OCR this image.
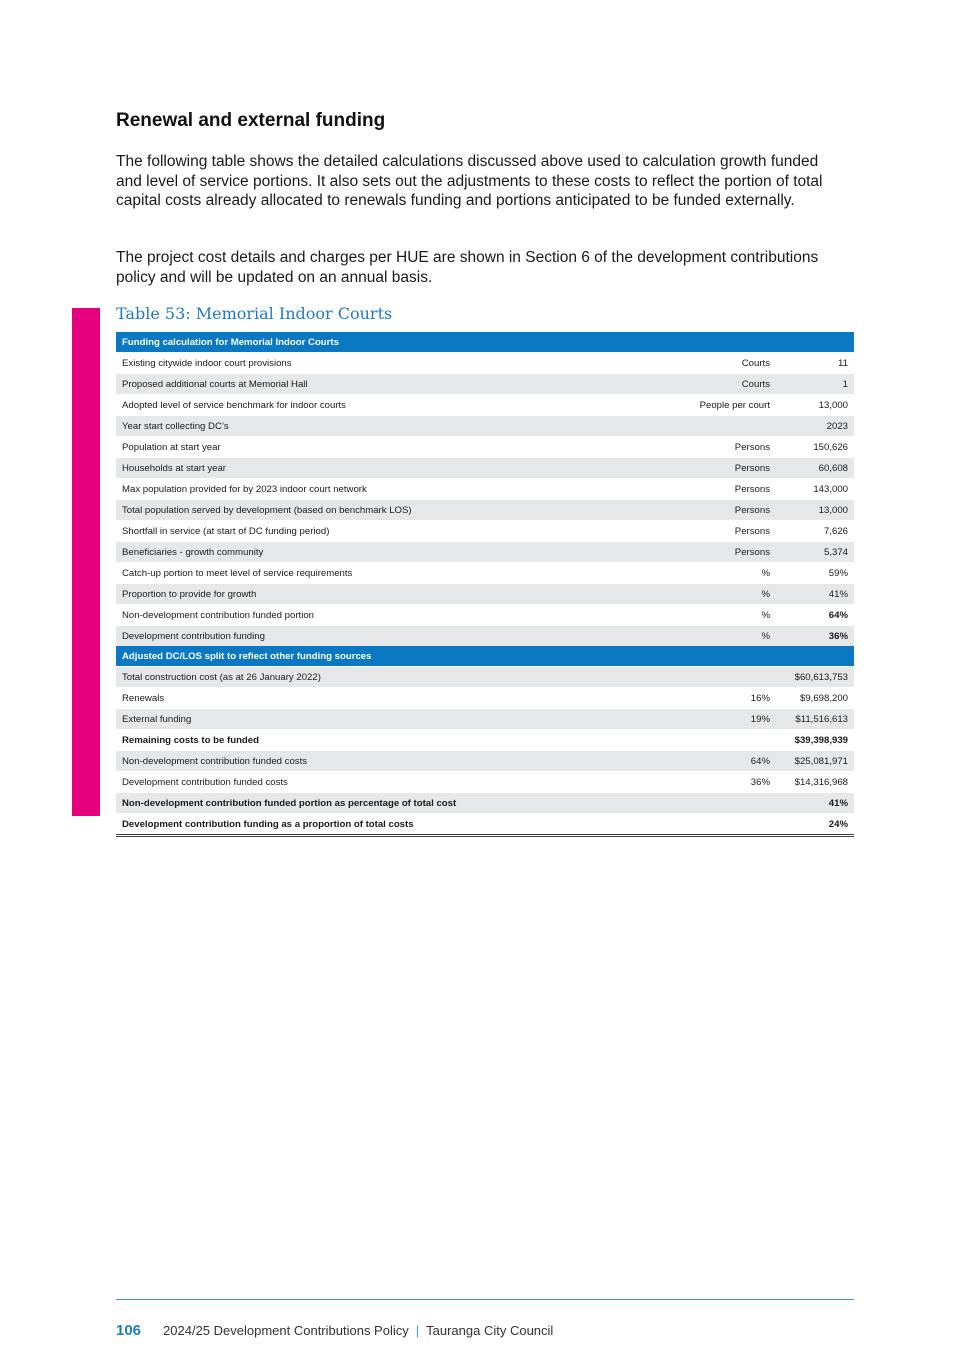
Renewal and external funding

The following table shows the detailed calculations discussed above used to calculation growth funded and level of service portions. It also sets out the adjustments to these costs to reflect the portion of total capital costs already allocated to renewals funding and portions anticipated to be funded externally.

The project cost details and charges per HUE are shown in Section 6 of the development contributions policy and will be updated on an annual basis.

Table 53: Memorial Indoor Courts
Funding calculation for Memorial Indoor Courts		
Existing citywide indoor court provisions	Courts	11
Proposed additional courts at Memorial Hall	Courts	1
Adopted level of service benchmark for indoor courts	People per court	13,000
Year start collecting DC’s		2023
Population at start year	Persons	150,626
Households at start year	Persons	60,608
Max population provided for by 2023 indoor court network	Persons	143,000
Total population served by development (based on benchmark LOS)	Persons	13,000
Shortfall in service (at start of DC funding period)	Persons	7,626
Beneficiaries - growth community	Persons	5,374
Catch-up portion to meet level of service requirements	%	59%
Proportion to provide for growth	%	41%
Non-development contribution funded portion	%	64%
Development contribution funding	%	36%
Adjusted DC/LOS split to reflect other funding sources		
Total construction cost (as at 26 January 2022)		$60,613,753
Renewals	16%	$9,698,200
External funding	19%	$11,516,613
Remaining costs to be funded		$39,398,939
Non-development contribution funded costs	64%	$25,081,971
Development contribution funded costs	36%	$14,316,968
Non-development contribution funded portion as percentage of total cost		41%
Development contribution funding as a proportion of total costs		24%
106 2024/25 Development Contributions Policy | Tauranga City Council
